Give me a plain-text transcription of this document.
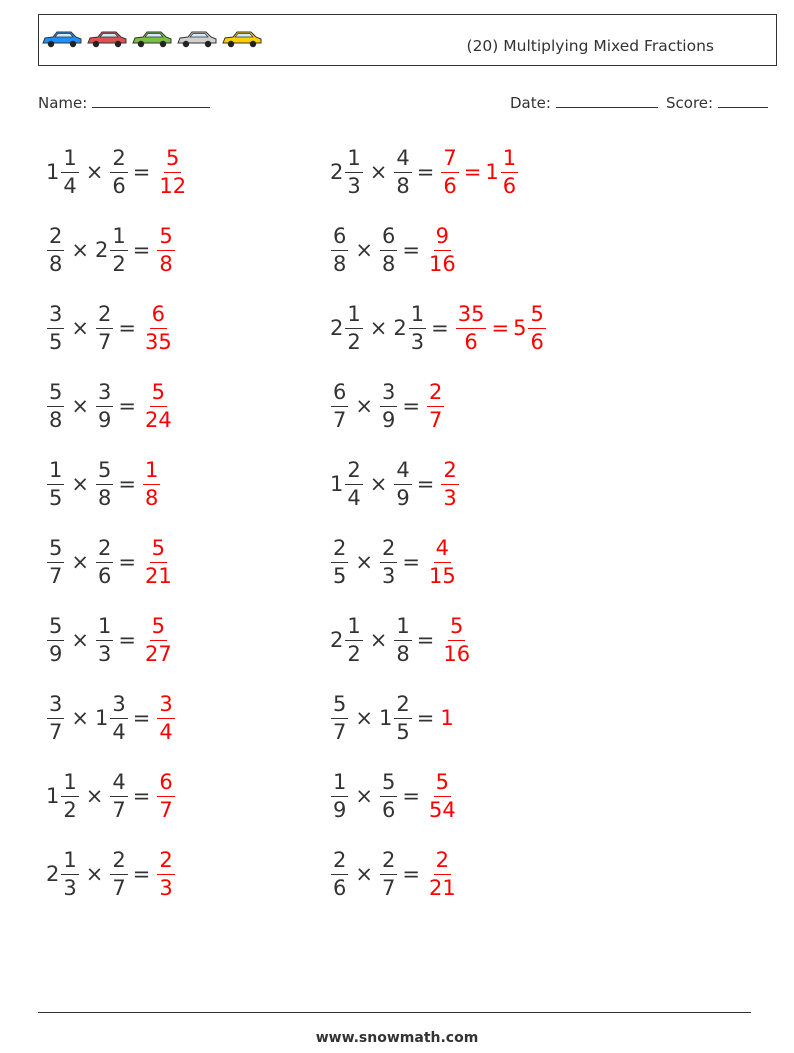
(20) Multiplying Mixed Fractions
Name:	Date:	Score:
$1 \frac{1}{4} \times \frac{2}{6} = \frac{5}{12}$	$2 \frac{1}{3} \times \frac{4}{8} = \frac{7}{6} = 1 \frac{1}{6}$
$\frac{2}{8} \times 2 \frac{1}{2} = \frac{5}{8}$	$\frac{6}{8} \times \frac{6}{8} = \frac{9}{16}$
$\frac{3}{5} \times \frac{2}{7} = \frac{6}{35}$	$2 \frac{1}{2} \times 2 \frac{1}{3} = \frac{35}{6} = 5 \frac{5}{6}$
$\frac{5}{8} \times \frac{3}{9} = \frac{5}{24}$	$\frac{6}{7} \times \frac{3}{9} = \frac{2}{7}$
$\frac{1}{5} \times \frac{5}{8} = \frac{1}{8}$	$1 \frac{2}{4} \times \frac{4}{9} = \frac{2}{3}$
$\frac{5}{7} \times \frac{2}{6} = \frac{5}{21}$	$\frac{2}{5} \times \frac{2}{3} = \frac{4}{15}$
$\frac{5}{9} \times \frac{1}{3} = \frac{5}{27}$	$2 \frac{1}{2} \times \frac{1}{8} = \frac{5}{16}$
$\frac{3}{7} \times 1 \frac{3}{4} = \frac{3}{4}$	$\frac{5}{7} \times 1 \frac{2}{5} = 1$
$1 \frac{1}{2} \times \frac{4}{7} = \frac{6}{7}$	$\frac{1}{9} \times \frac{5}{6} = \frac{5}{54}$
$2 \frac{1}{3} \times \frac{2}{7} = \frac{2}{3}$	$\frac{2}{6} \times \frac{2}{7} = \frac{2}{21}$
www.snowmath.com
